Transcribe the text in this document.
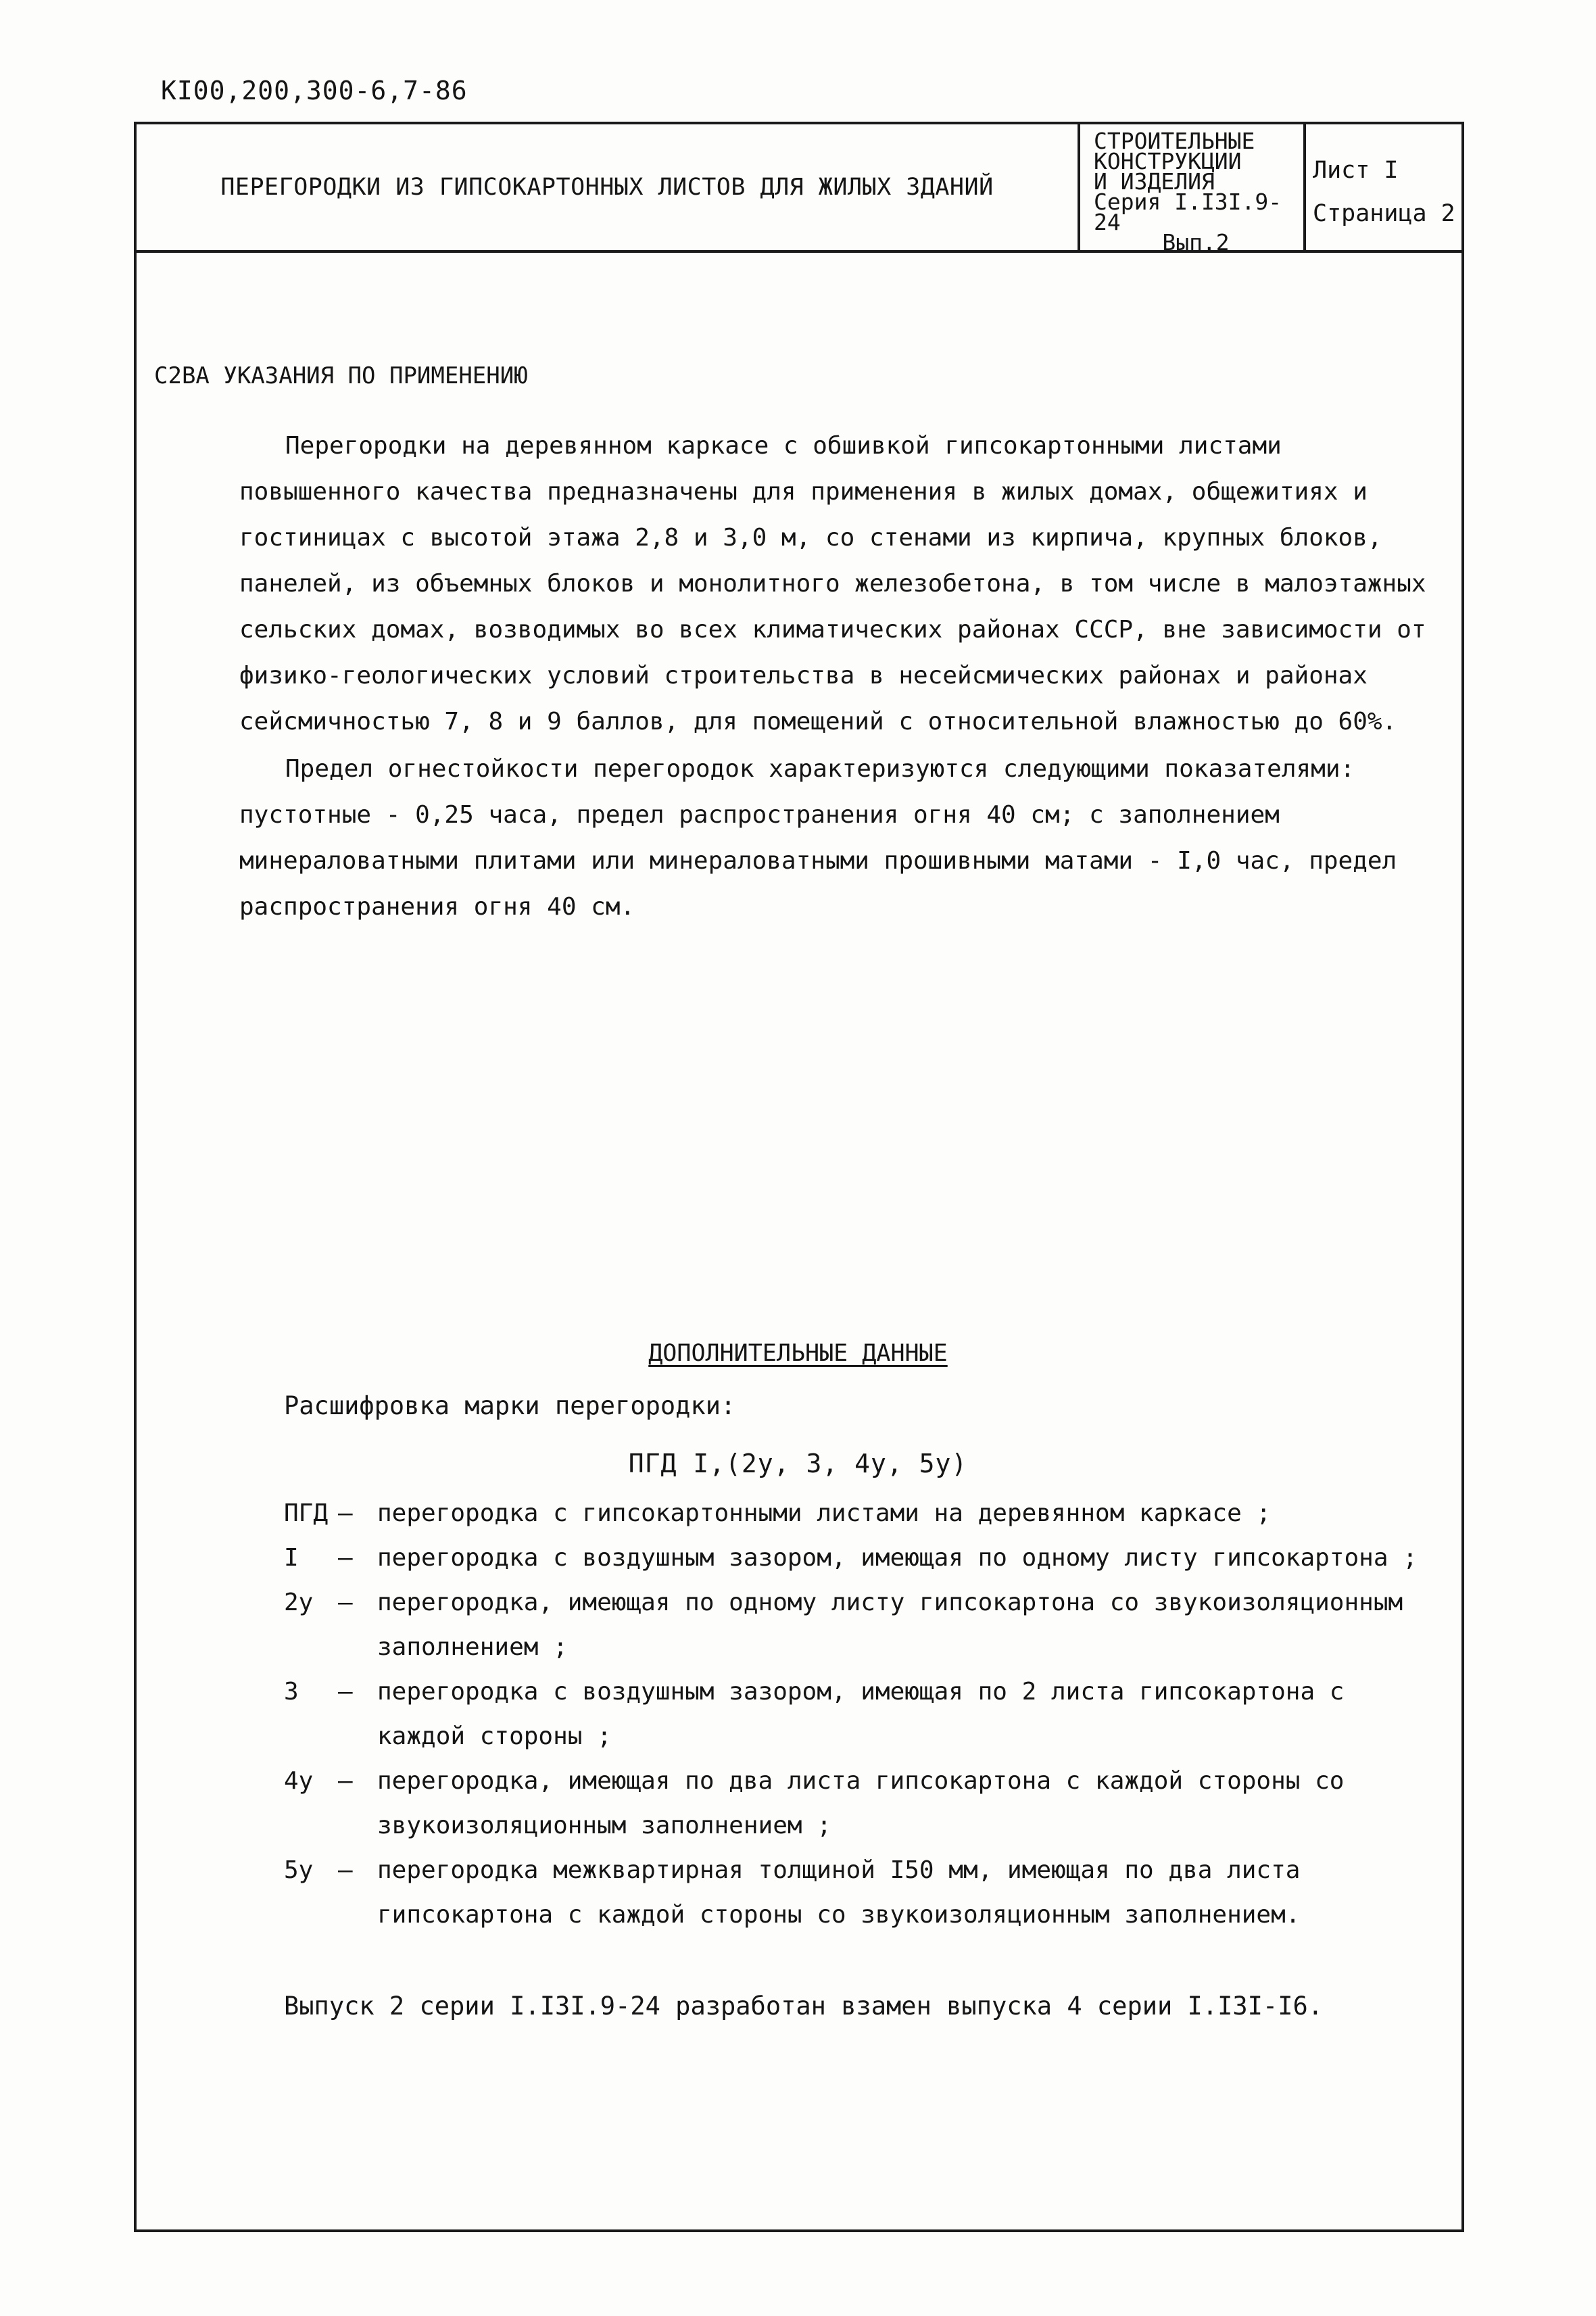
КI00,200,300-6,7-86
ПЕРЕГОРОДКИ ИЗ ГИПСОКАРТОННЫХ ЛИСТОВ ДЛЯ ЖИЛЫХ ЗДАНИЙ
СТРОИТЕЛЬНЫЕ
КОНСТРУКЦИИ
И ИЗДЕЛИЯ
Серия I.I3I.9-24
Вып.2
Лист I
Страница 2
С2ВА УКАЗАНИЯ ПО ПРИМЕНЕНИЮ
Перегородки на деревянном каркасе с обшивкой гипсокартонными листами повышенного качества предназначены для применения в жилых домах, общежитиях и гостиницах с высотой этажа 2,8 и 3,0 м, со стенами из кирпича, крупных блоков, панелей, из объемных блоков и монолитного железобетона, в том числе в малоэтажных сельских домах, возводимых во всех климатических районах СССР, вне зависимости от физико-геологических условий строительства в несейсмических районах и районах сейсмичностью 7, 8 и 9 баллов, для помещений с относительной влажностью до 60%.
Предел огнестойкости перегородок характеризуются следующими показателями: пустотные - 0,25 часа, предел распространения огня 40 см; с заполнением минераловатными плитами или минераловатными прошивными матами - I,0 час, предел распространения огня 40 см.
ДОПОЛНИТЕЛЬНЫЕ ДАННЫЕ
Расшифровка марки перегородки:
ПГД I,(2у, 3, 4у, 5у)
ПГД –	перегородка с гипсокартонными листами на деревянном каркасе ;
I	–	перегородка с воздушным зазором, имеющая по одному листу гипсокартона ;
2у	–	перегородка, имеющая по одному листу гипсокартона со звукоизоляционным заполнением ;
3	–	перегородка с воздушным зазором, имеющая по 2 листа гипсокартона с каждой стороны ;
4у	–	перегородка, имеющая по два листа гипсокартона с каждой стороны со звукоизоляционным заполнением ;
5у	–	перегородка межквартирная толщиной I50 мм, имеющая по два листа гипсокартона с каждой стороны со звукоизоляционным заполнением.
Выпуск 2 серии I.I3I.9-24 разработан взамен выпуска 4 серии I.I3I-I6.
